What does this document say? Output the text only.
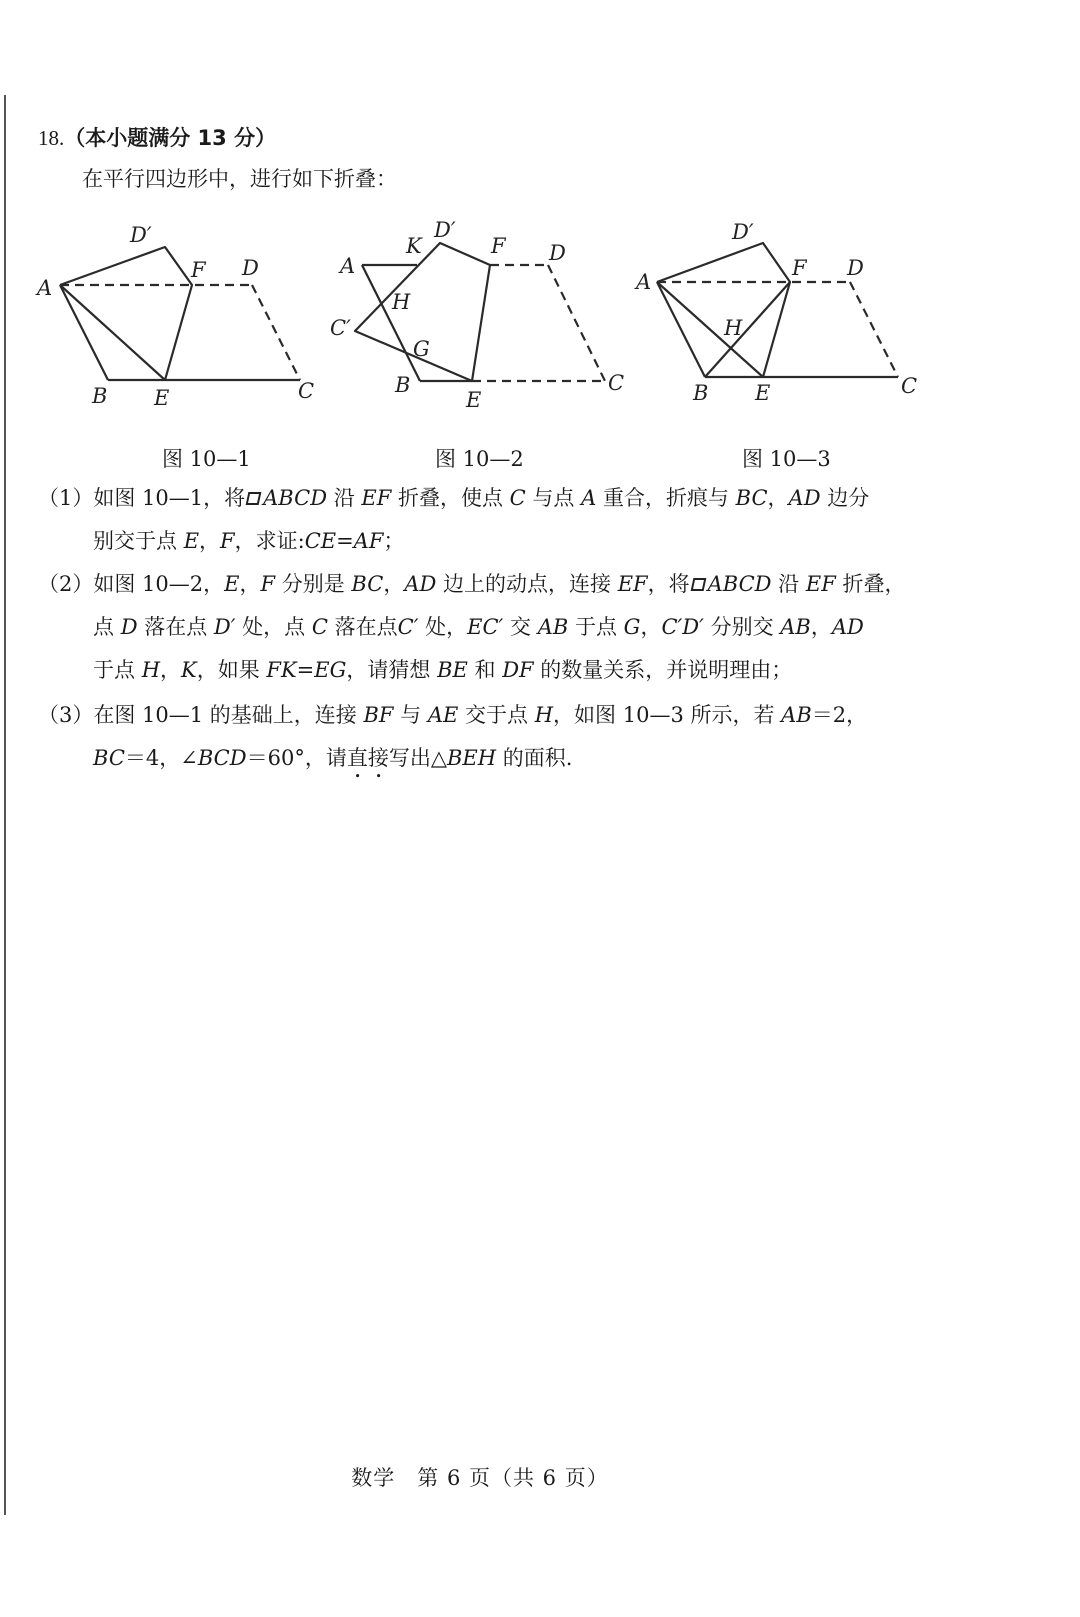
18.（本小题满分 13 分）
在平行四边形中，进行如下折叠：
A
B	C
D
E
F
D′
A
B	C
D
E
F
D′
C′
H
K
G
A
B	C
D
E
F
D′
H
图 10—1	图 10—2	图 10—3
（1）如图 10—1，将 ABCD 沿 EF 折叠，使点 C 与点 A 重合，折痕与 BC，AD 边分
别交于点 E，F，求证:CE=AF；
（2）如图 10—2，E，F 分别是 BC，AD 边上的动点，连接 EF，将 ABCD 沿 EF 折叠，
点 D 落在点 D′ 处，点 C 落在点C′ 处，EC′ 交 AB 于点 G，C′D′ 分别交 AB，AD
于点 H，K，如果 FK=EG，请猜想 BE 和 DF 的数量关系，并说明理由；
（3）在图 10—1 的基础上，连接 BF 与 AE 交于点 H，如图 10—3 所示，若 AB＝2，
BC＝4，∠BCD＝60°，请直接写出△BEH 的面积.
数学　第 6 页（共 6 页）
